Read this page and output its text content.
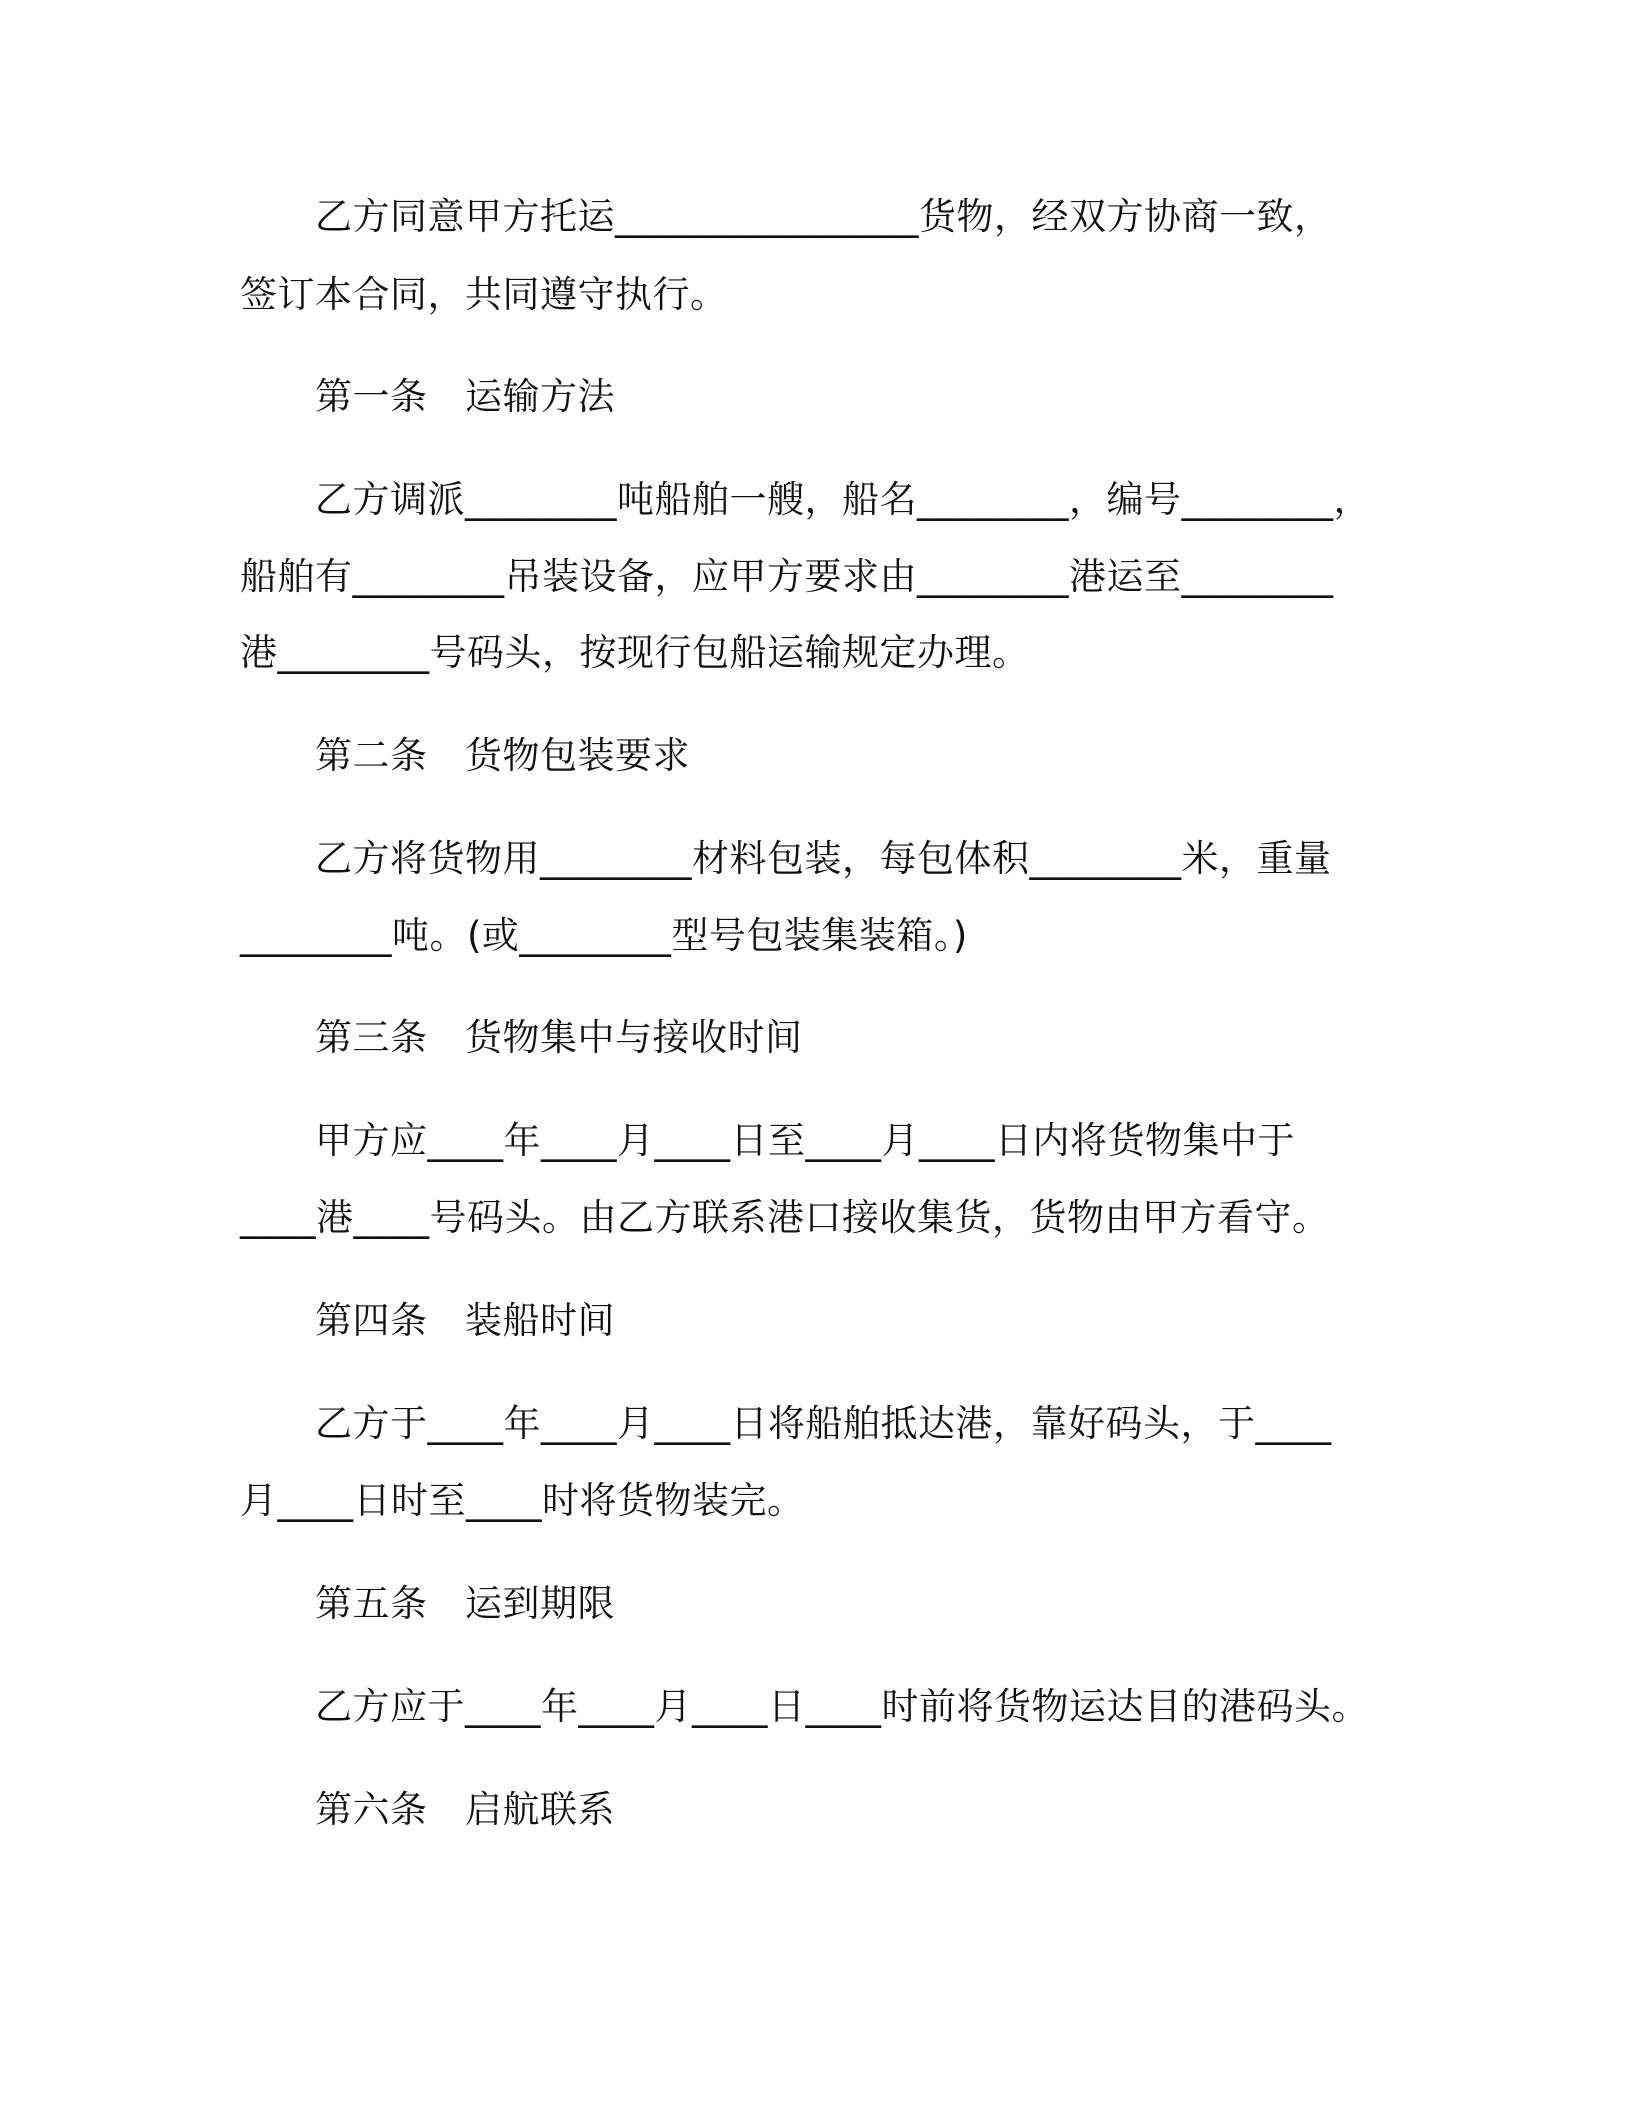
乙方同意甲方托运________________货物，经双方协商一致，
签订本合同，共同遵守执行。
第一条　运输方法
乙方调派________吨船舶一艘，船名________，编号________，
船舶有________吊装设备，应甲方要求由________港运至________
港________号码头，按现行包船运输规定办理。
第二条　货物包装要求
乙方将货物用________材料包装，每包体积________米，重量
________吨。(或________型号包装集装箱。)
第三条　货物集中与接收时间
甲方应____年____月____日至____月____日内将货物集中于
____港____号码头。由乙方联系港口接收集货，货物由甲方看守。
第四条　装船时间
乙方于____年____月____日将船舶抵达港，靠好码头，于____
月____日时至____时将货物装完。
第五条　运到期限
乙方应于____年____月____日____时前将货物运达目的港码头。
第六条　启航联系
